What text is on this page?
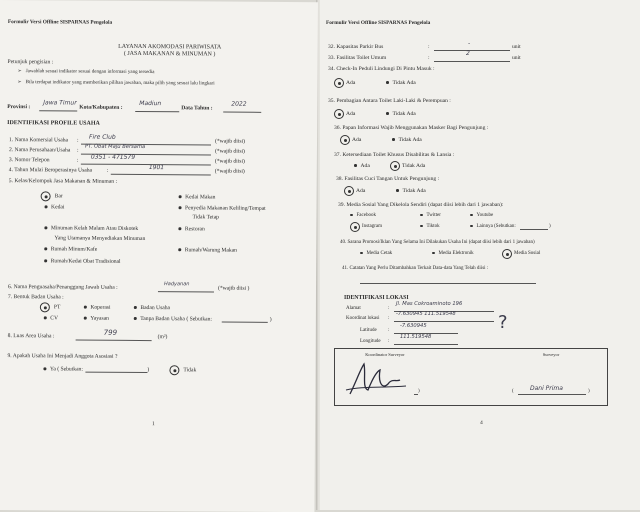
Formulir Versi Offline SISPARNAS Pengelola
LAYANAN AKOMODASI PARIWISATA
( JASA MAKANAN & MINUMAN )
Petunjuk pengisian :
➢ Jawablah sesuai indikator sesuai dengan informasi yang tersedia
➢ Bila terdapat indikator yang memberikan pilihan jawaban, maka pilih yang sesuai lalu lingkari
Provinsi :
Jawa Timur
Kota/Kabupaten :
Madiun
Data Tahun :
2022
IDENTIFIKASI PROFILE USAHA
1. Nama Komersial Usaha : Fire Club
(*wajib diisi)
2. Nama Perusahaan/Usaha :
PT. Obat Maju Bersama
(*wajib diisi)
3. Nomor Telepon	: 0351 - 471579
(*wajib diisi)
4. Tahun Mulai Beroperasinya Usaha	:	1901
(*wajib diisi)
5. Kelas/Kelompok Jasa Makanan & Minuman :
Bar
Kedai
Kedai Makan
Penyedia Makanan Keliling/Tempat
Tidak Tetap
Minuman Kelah Malam Atau Diskotek
Yang Utamanya Menyediakan Minuman
Restoran
Rumah Minum/Kafe	Rumah/Warung Makan
Rumah/Kedai Obat Tradisional
6. Nama Penguasaha/Penanggung Jawab Usaha :	Hadyanan
(*wajib diisi )
7. Bentuk Badan Usaha :
PT	Koperasi	Badan Usaha
CV	Yayasan	Tanpa Badan Usaha ( Sebutkan:	)
8. Luas Area Usaha :	799
(m²)
9. Apakah Usaha Ini Menjadi Anggota Asosiasi ?
Ya ( Sebutkan:	)	Tidak
1
Formulir Versi Offline SISPARNAS Pengelola
32. Kapasitas Parkir Bus	:	-	unit
33. Fasilitas Toilet Umum	:
2
unit
34. Check-In Peduli Lindungi Di Pintu Masuk :
Ada	Tidak Ada
35. Pembagian Antara Toilet Laki-Laki & Perempuan :
Ada	Tidak Ada
36. Papan Informasi Wajib Menggunakan Masker Bagi Pengunjung :
Ada	Tidak Ada
37. Ketersediaan Toilet Khusus Disabilitas & Lansia :
Ada	Tidak Ada
38. Fasilitas Cuci Tangan Untuk Pengunjung :
Ada	Tidak Ada
39. Media Sosial Yang Dikelola Sendiri (dapat diisi lebih dari 1 jawaban):
Facebook	Twitter	Youtube
Instagram	Tiktok	Lainnya (Sebutkan:	)
40. Sarana Promosi/Iklan Yang Selama Ini Dilakukan Usaha Ini (dapat diisi lebih dari 1 jawaban)
Media Cetak	Media Elektronik	Media Sosial
41. Catatan Yang Perlu Ditambahkan Terkait Data-data Yang Telah diisi :
IDENTIFIKASI LOKASI
Alamat	:
Jl. Mas Cokroaminoto 196
Koordinat lokasi :
-7.630945 111.519548
Latitude :
-7.630945
Longitude :
111.519548
?
Koordinator Surveyor	Surveyor
)	(	Dani Prima	)
4
